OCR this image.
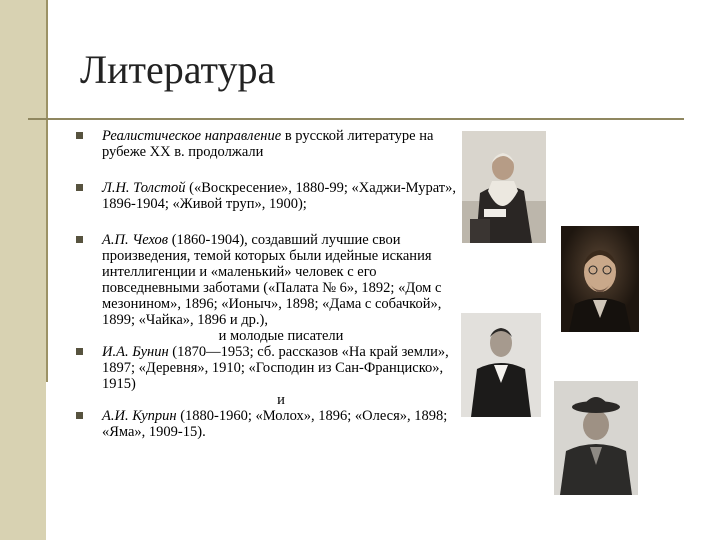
Литература
Реалистическое направление в русской литературе на рубеже XX в. продолжали
Л.Н. Толстой («Воскресение», 1880-99; «Хаджи-Мурат», 1896-1904; «Живой труп», 1900);
А.П. Чехов (1860-1904), создавший лучшие свои произведения, темой которых были идейные искания интеллигенции и «маленький» человек с его повседневными заботами («Палата № 6», 1892; «Дом с мезонином», 1896; «Ионыч», 1898; «Дама с собачкой», 1899; «Чайка», 1896 и др.),
и молодые писатели
И.А. Бунин (1870—1953; сб. рассказов «На край земли», 1897; «Деревня», 1910; «Господин из Сан-Франциско», 1915)
и
А.И. Куприн (1880-1960; «Молох», 1896; «Олеся», 1898; «Яма», 1909-15).
